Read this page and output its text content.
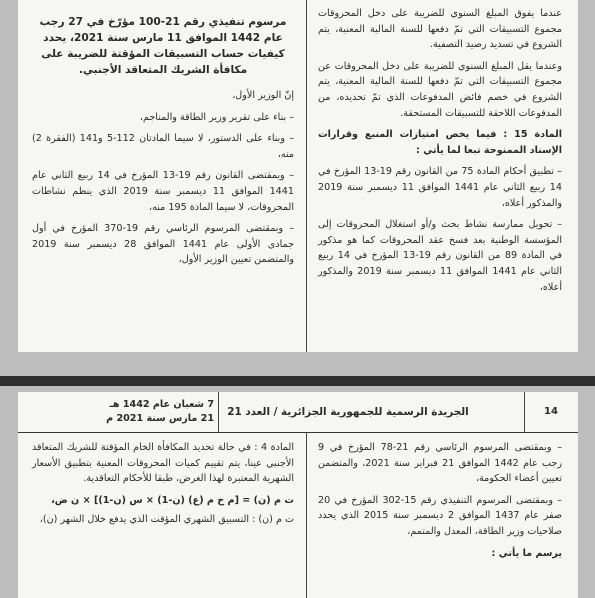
عندما يفوق المبلغ السنوي للضريبة على دخل المحروقات مجموع التسبيقات التي تمّ دفعها للسنة المالية المعنية، يتم الشروع في تسديد رصيد التصفية.

وعندما يقل المبلغ السنوي للضريبة على دخل المحروقات عن مجموع التسبيقات التي تمّ دفعها للسنة المالية المعنية، يتم الشروع في خصم فائض المدفوعات الذي تمّ تحديده، من المدفوعات اللاحقة للتسبيقات المستحقة.

المادة 15 : فيما يخص امتيازات المنبع وقرارات الإسناد الممنوحة تبعا لما يأتي :

– تطبيق أحكام المادة 75 من القانون رقم 19-13 المؤرخ في 14 ربيع الثاني عام 1441 الموافق 11 ديسمبر سنة 2019 والمذكور أعلاه،

– تحويل ممارسة نشاط بحث و/أو استغلال المحروقات إلى المؤسسة الوطنية بعد فسخ عقد المحروقات كما هو مذكور في المادة 89 من القانون رقم 19-13 المؤرخ في 14 ربيع الثاني عام 1441 الموافق 11 ديسمبر سنة 2019 والمذكور أعلاه،

مرسوم تنفيذي رقم 21-100 مؤرّخ في 27 رجب عام 1442 الموافق 11 مارس سنة 2021، يحدد كيفيات حساب التسبيقات المؤقتة للضريبة على مكافأة الشريك المتعاقد الأجنبي.

إنّ الوزير الأول،

– بناء على تقرير وزير الطاقة والمناجم،

– وبناء على الدستور، لا سيما المادتان 112-5 و141 (الفقرة 2) منه،

– وبمقتضى القانون رقم 19-13 المؤرخ في 14 ربيع الثاني عام 1441 الموافق 11 ديسمبر سنة 2019 الذي ينظم نشاطات المحروقات، لا سيما المادة 195 منه،

– وبمقتضى المرسوم الرئاسي رقم 19-370 المؤرخ في أول جمادى الأولى عام 1441 الموافق 28 ديسمبر سنة 2019 والمتضمن تعيين الوزير الأول،

7 شعبان عام 1442 هـ
21 مارس سنة 2021 م
الجريدة الرسمية للجمهورية الجزائرية / العدد 21	14

– وبمقتضى المرسوم الرئاسي رقم 21-78 المؤرخ في 9 رجب عام 1442 الموافق 21 فبراير سنة 2021، والمتضمن تعيين أعضاء الحكومة،

– وبمقتضى المرسوم التنفيذي رقم 15-302 المؤرخ في 20 صفر عام 1437 الموافق 2 ديسمبر سنة 2015 الذي يحدد صلاحيات وزير الطاقة، المعدل والمتمم،

يرسم ما يأتي :

المادة 4 : في حالة تحديد المكافأة الخام المؤقتة للشريك المتعاقد الأجنبي عينا، يتم تقييم كميات المحروقات المعنية بتطبيق الأسعار الشهرية المعتبرة لهذا الغرض، طبقا للأحكام التعاقدية.

ت م (ن) = [م خ م (ع) (ن-1) × س (ن-1)] × ن ض،

ت م (ن) : التسبيق الشهري المؤقت الذي يدفع خلال الشهر (ن)،
